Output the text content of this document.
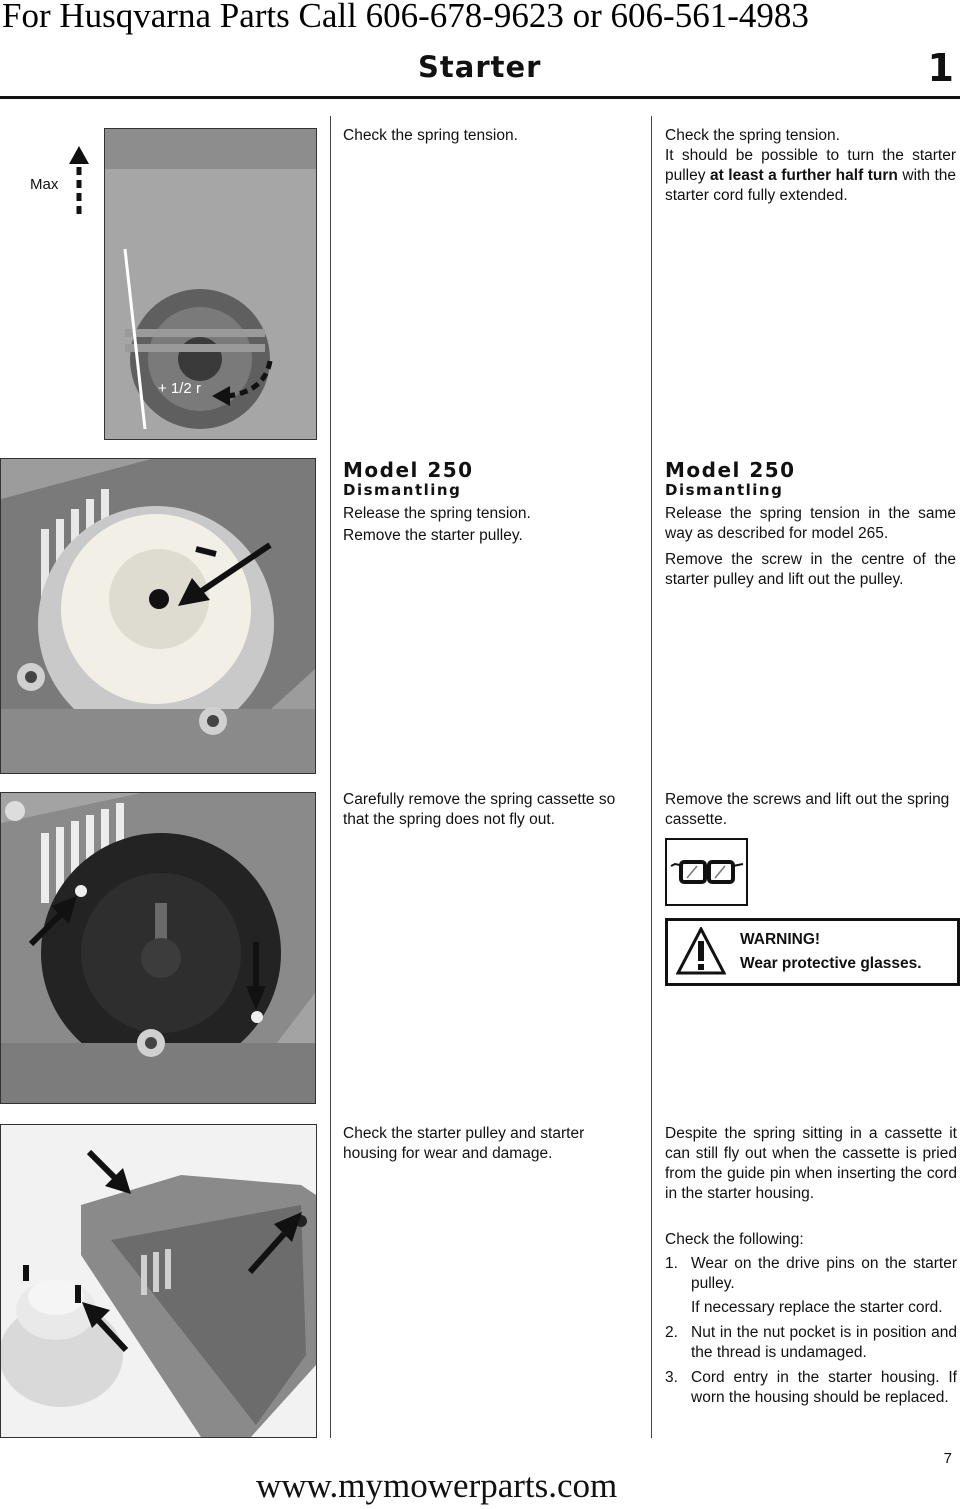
For Husqvarna Parts Call 606-678-9623 or 606-561-4983
Starter	1
Max
+ 1/2 r

Check the spring tension.	Check the spring tension.

It should be possible to turn the starter pulley at least a further half turn with the starter cord fully extended.

Model 250
Dismantling

Release the spring tension.

Remove the starter pulley.

Model 250
Dismantling

Release the spring tension in the same way as described for model 265.

Remove the screw in the centre of the starter pulley and lift out the pulley.

Carefully remove the spring cassette so that the spring does not fly out.

Remove the screws and lift out the spring cassette.

WARNING!
Wear protective glasses.

Check the starter pulley and starter housing for wear and damage.

Despite the spring sitting in a cassette it can still fly out when the cassette is pried from the guide pin when inserting the cord in the starter housing.

Check the following:

1. Wear on the drive pins on the starter pulley.
If necessary replace the starter cord.
2. Nut in the nut pocket is in position and the thread is undamaged.
3. Cord entry in the starter housing. If worn the housing should be replaced.
www.mymowerparts.com
7
